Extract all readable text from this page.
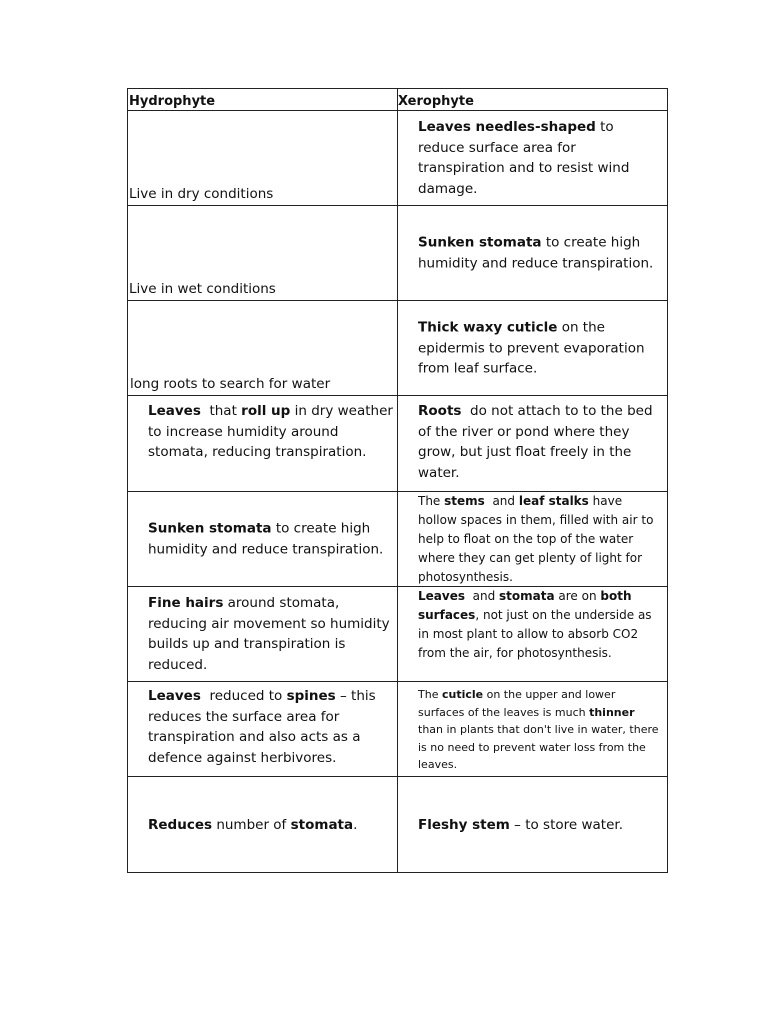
Hydrophyte	Xerophyte

Live in dry conditions	Leaves needles-shaped to reduce surface area for transpiration and to resist wind damage.

Live in wet conditions	Sunken stomata to create high humidity and reduce transpiration.

long roots to search for water	Thick waxy cuticle on the epidermis to prevent evaporation from leaf surface.

Leaves  that roll up in dry weather to increase humidity around stomata, reducing transpiration.	Roots  do not attach to to the bed of the river or pond where they grow, but just float freely in the water.

Sunken stomata to create high humidity and reduce transpiration.	The stems  and leaf stalks have hollow spaces in them, filled with air to help to float on the top of the water where they can get plenty of light for photosynthesis.

Fine hairs around stomata, reducing air movement so humidity builds up and transpiration is reduced.	Leaves  and stomata are on both surfaces, not just on the underside as in most plant to allow to absorb CO2 from the air, for photosynthesis.

Leaves  reduced to spines – this reduces the surface area for transpiration and also acts as a defence against herbivores.	The cuticle on the upper and lower surfaces of the leaves is much thinner  than in plants that don't live in water, there is no need to prevent water loss from the leaves.

Reduces number of stomata.	Fleshy stem – to store water.
